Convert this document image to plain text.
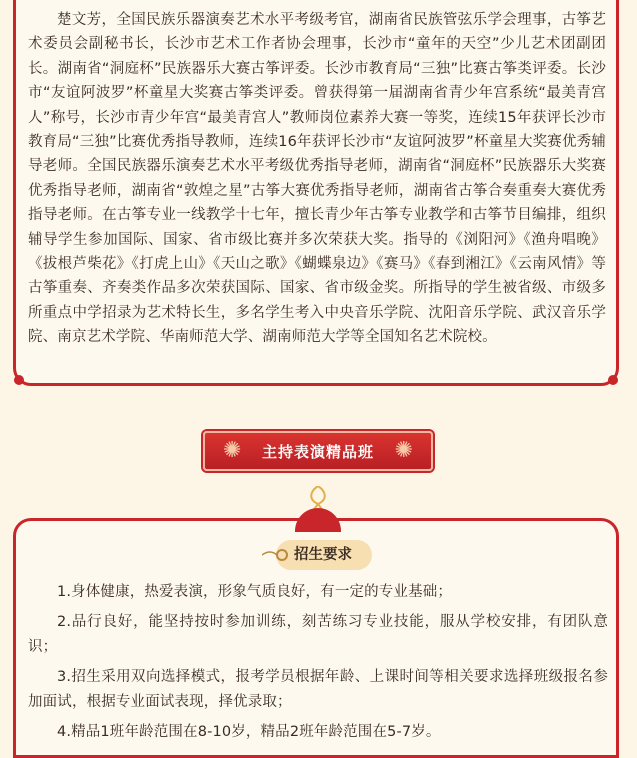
楚文芳，全国民族乐器演奏艺术水平考级考官，湖南省民族管弦乐学会理事，古筝艺术委员会副秘书长，长沙市艺术工作者协会理事，长沙市“童年的天空”少儿艺术团副团长。湖南省“洞庭杯”民族器乐大赛古筝评委。长沙市教育局“三独”比赛古筝类评委。长沙市“友谊阿波罗”杯童星大奖赛古筝类评委。曾获得第一届湖南省青少年宫系统“最美青宫人”称号，长沙市青少年宫“最美青宫人”教师岗位素养大赛一等奖，连续15年获评长沙市教育局“三独”比赛优秀指导教师，连续16年获评长沙市“友谊阿波罗”杯童星大奖赛优秀辅导老师。全国民族器乐演奏艺术水平考级优秀指导老师，湖南省“洞庭杯”民族器乐大奖赛优秀指导老师，湖南省“敦煌之星”古筝大赛优秀指导老师，湖南省古筝合奏重奏大赛优秀指导老师。在古筝专业一线教学十七年，擅长青少年古筝专业教学和古筝节目编排，组织辅导学生参加国际、国家、省市级比赛并多次荣获大奖。指导的《浏阳河》《渔舟唱晚》《拔根芦柴花》《打虎上山》《天山之歌》《蝴蝶泉边》《赛马》《春到湘江》《云南风情》等古筝重奏、齐奏类作品多次荣获国际、国家、省市级金奖。所指导的学生被省级、市级多所重点中学招录为艺术特长生，多名学生考入中央音乐学院、沈阳音乐学院、武汉音乐学院、南京艺术学院、华南师范大学、湖南师范大学等全国知名艺术院校。

✺ 主持表演精品班 ✺
招生要求
1.身体健康，热爱表演，形象气质良好，有一定的专业基础；
2.品行良好，能坚持按时参加训练，刻苦练习专业技能，服从学校安排，有团队意识；
3.招生采用双向选择模式，报考学员根据年龄、上课时间等相关要求选择班级报名参加面试，根据专业面试表现，择优录取；
4.精品1班年龄范围在8-10岁，精品2班年龄范围在5-7岁。
